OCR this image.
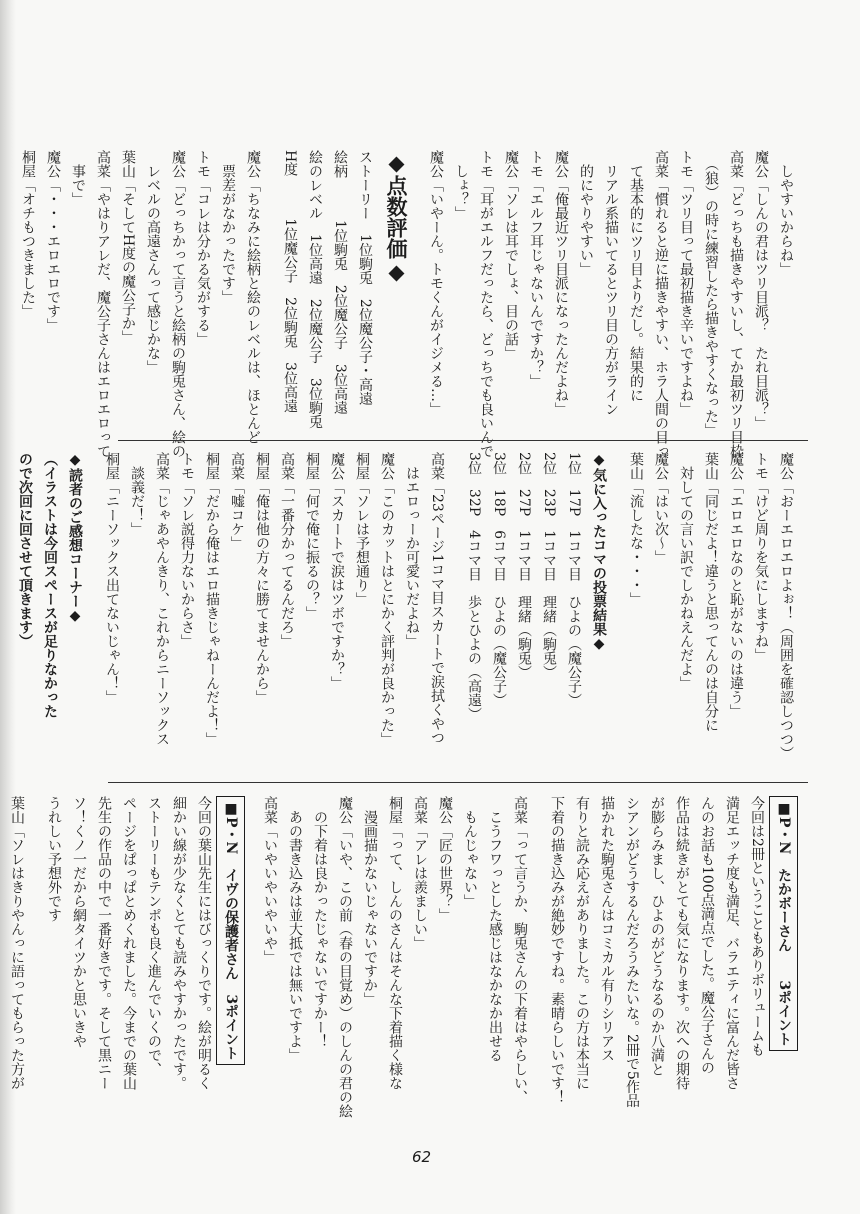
　しやすいからね」
魔公「しんの君はツリ目派？　たれ目派？」
高菜「どっちも描きやすいし、てか最初ツリ目枠
　（狼）の時に練習したら描きやすくなった」
トモ「ツリ目って最初描き辛いですよね」
高菜「慣れると逆に描きやすい、ホラ人間の目っ
　て基本的にツリ目よりだし。結果的に
　リアル系描いてるとツリ目の方がライン
　的にやりやすい」
魔公「俺最近ツリ目派になったんだよね」
トモ「エルフ耳じゃないんですか？」
魔公「ソレは耳でしょ、目の話」
トモ「耳がエルフだったら、どっちでも良いんで
　しょ？」
魔公「いやーん。トモくんがイジメる…」
◆点数評価◆
ストーリー　1位駒兎　2位魔公子・高遠
絵柄　　　1位駒兎　2位魔公子　3位高遠
絵のレベル　1位高遠　2位魔公子　3位駒兎
H度　　　1位魔公子　2位駒兎　3位高遠
魔公「ちなみに絵柄と絵のレベルは、ほとんど
　票差がなかったです」
トモ「コレは分かる気がする」
魔公「どっちかって言うと絵柄の駒兎さん、絵の
　レベルの高遠さんって感じかな」
葉山「そしてH度の魔公子か」
高菜「やはりアレだ、魔公子さんはエロエロって
　事で」
魔公「・・・エロエロです」
桐屋「オチもつきました」
魔公「おーエロエロよぉ！（周囲を確認しつつ）
トモ「けど周りを気にしますね」
魔公「エロエロなのと恥がないのは違う」
葉山「同じだよ！違うと思ってんのは自分に
　対しての言い訳でしかねえんだよ」
魔公「はい次〜」
葉山「流したな・・・」
◆気に入ったコマの投票結果◆
1位　17P　1コマ目　ひよの（魔公子）
2位　23P　1コマ目　理緒（駒兎）
2位　27P　1コマ目　理緒（駒兎）
3位　18P　6コマ目　ひよの（魔公子）
3位　32P　4コマ目　歩とひよの（高遠）
高菜「23ページ1コマ目スカートで涙拭くやつ
　はエロっーか可愛いだよね」
魔公「このカットはとにかく評判が良かった」
桐屋「ソレは予想通り」
魔公「スカートで涙はツボですか？」
桐屋「何で俺に振るの？」
高菜「一番分かってるんだろ」
桐屋「俺は他の方々に勝てませんから」
高菜「嘘コケ」
桐屋「だから俺はエロ描きじゃねーんだよ！」
トモ「ソレ説得力ないからさ」
高菜「じゃあやんきり、これからニーソックス
　談義だ！」
桐屋「ニーソックス出てないじゃん！」
◆読者のご感想コーナー◆
（イラストは今回スペースが足りなかった
ので次回に回させて頂きます）
■P・N　たかボーさん　　3ポイント
今回は2冊ということもありボリュームも
満足エッチ度も満足、バラエティに富んだ皆さ
んのお話も100点満点でした。魔公子さんの
作品は続きがとても気になります。次への期待
が膨らみまし、ひよのがどうなるのか八満と
シアンがどうするんだろうみたいな。2冊で5作品
描かれた駒兎さんはコミカル有りシリアス
有りと読み応えがありました。この方は本当に
下着の描き込みが絶妙ですね。素晴らしいです！
高菜「って言うか、駒兎さんの下着はやらしい、
　こうフワっとした感じはなかなか出せる
　もんじゃない」
魔公「匠の世界？」
高菜「アレは羨ましい」
桐屋「って、しんのさんはそんな下着描く様な
　漫画描かないじゃないですか」
魔公「いや、この前（春の目覚め）のしんの君の絵
　の下着は良かったじゃないですかー！
　あの書き込みは並大抵では無いですよ」
高菜「いやいやいやいや」
■P・N　イヴの保護者さん　3ポイント
今回の葉山先生にはびっくりです。絵が明るく
細かい線が少なくとても読みやすかったです。
ストーリーもテンポも良く進んでいくので、
ページをぱっぱとめくれました。今までの葉山
先生の作品の中で一番好きです。そして黒ニー
ソ！くノ一だから網タイツかと思いきや
うれしい予想外です
葉山「ソレはきりやんっに語ってもらった方が
62
